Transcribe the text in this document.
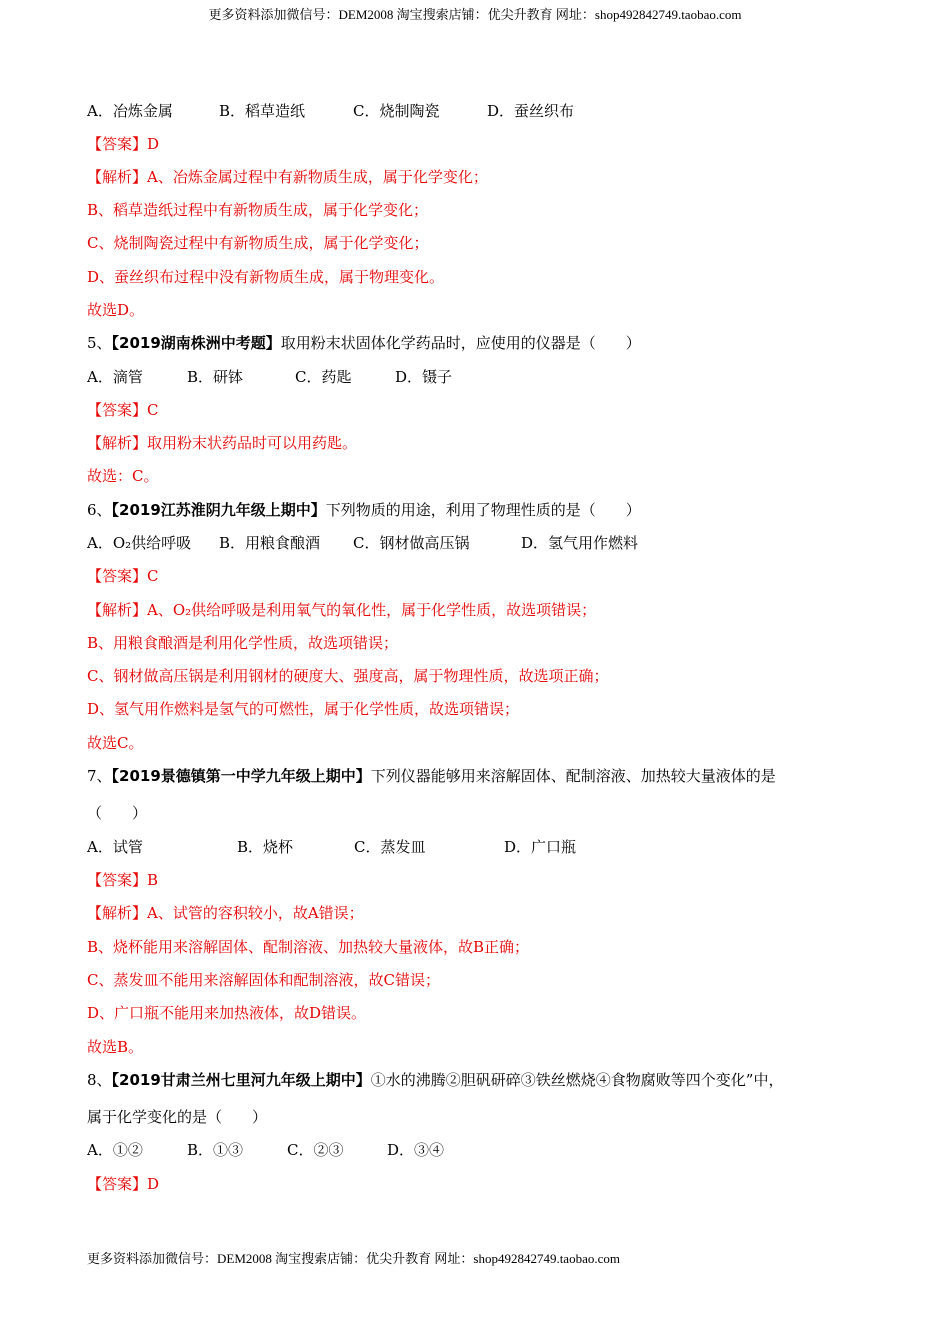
更多资料添加微信号：DEM2008 淘宝搜索店铺：优尖升教育 网址：shop492842749.taobao.com
A．冶炼金属	B．稻草造纸	C．烧制陶瓷	D．蚕丝织布
【答案】D
【解析】A、冶炼金属过程中有新物质生成，属于化学变化；
B、稻草造纸过程中有新物质生成，属于化学变化；
C、烧制陶瓷过程中有新物质生成，属于化学变化；
D、蚕丝织布过程中没有新物质生成，属于物理变化。
故选D。
5、【2019湖南株洲中考题】取用粉末状固体化学药品时，应使用的仪器是（　　）
A．滴管	B．研钵	C．药匙	D．镊子
【答案】C
【解析】取用粉末状药品时可以用药匙。
故选：C。
6、【2019江苏淮阴九年级上期中】下列物质的用途，利用了物理性质的是（　　）
A．O₂供给呼吸 B．用粮食酿酒 C．钢材做高压锅	D．氢气用作燃料
【答案】C
【解析】A、O₂供给呼吸是利用氧气的氧化性，属于化学性质，故选项错误；
B、用粮食酿酒是利用化学性质，故选项错误；
C、钢材做高压锅是利用钢材的硬度大、强度高，属于物理性质，故选项正确；
D、氢气用作燃料是氢气的可燃性，属于化学性质，故选项错误；
故选C。
7、【2019景德镇第一中学九年级上期中】下列仪器能够用来溶解固体、配制溶液、加热较大量液体的是
（　　）
A．试管	B．烧杯	C．蒸发皿	D．广口瓶
【答案】B
【解析】A、试管的容积较小，故A错误；
B、烧杯能用来溶解固体、配制溶液、加热较大量液体，故B正确；
C、蒸发皿不能用来溶解固体和配制溶液，故C错误；
D、广口瓶不能用来加热液体，故D错误。
故选B。
8、【2019甘肃兰州七里河九年级上期中】①水的沸腾②胆矾研碎③铁丝燃烧④食物腐败等四个变化”中，
属于化学变化的是（　　）
A．①②	B．①③	C．②③	D．③④
【答案】D
更多资料添加微信号：DEM2008 淘宝搜索店铺：优尖升教育 网址：shop492842749.taobao.com
